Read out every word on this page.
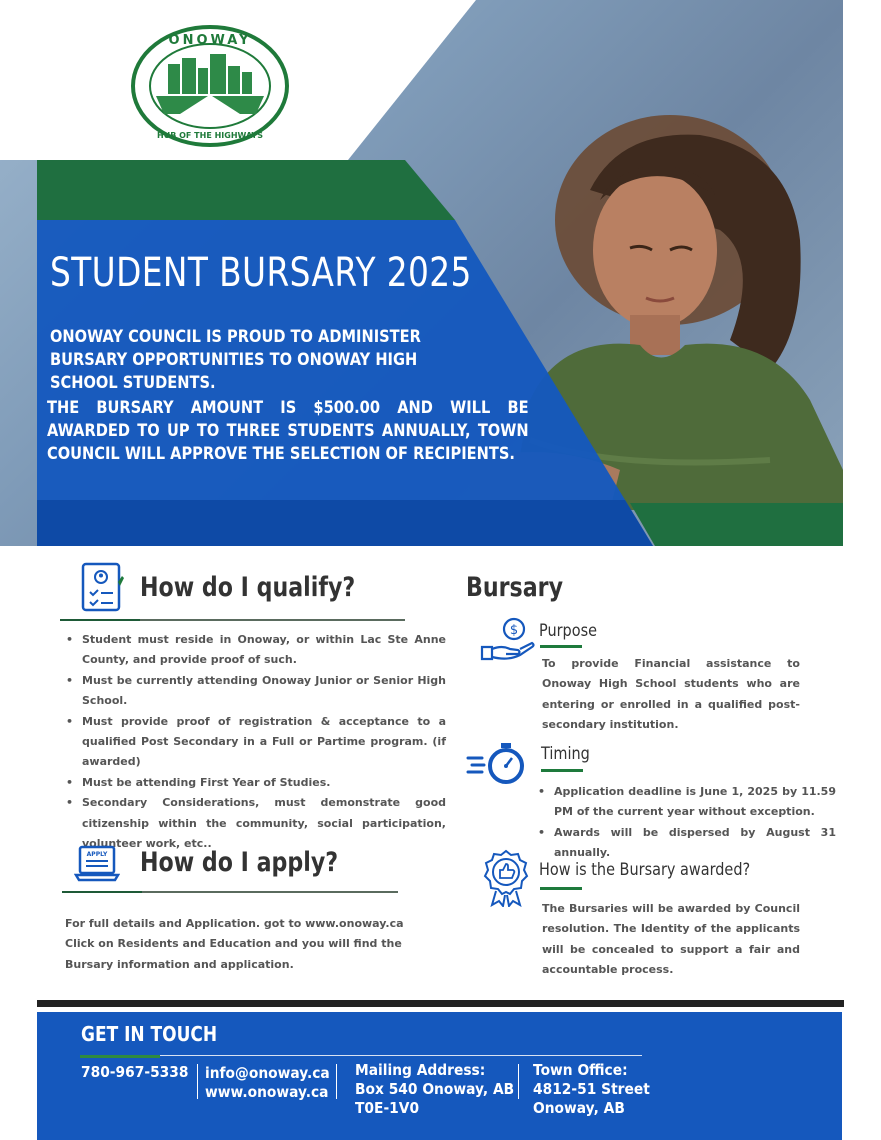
ONOWAY
HUB OF THE HIGHWAYS
STUDENT BURSARY 2025
ONOWAY COUNCIL IS PROUD TO ADMINISTER BURSARY OPPORTUNITIES TO ONOWAY HIGH SCHOOL STUDENTS.
THE BURSARY AMOUNT IS $500.00 AND WILL BE AWARDED TO UP TO THREE STUDENTS ANNUALLY, TOWN COUNCIL WILL APPROVE THE SELECTION OF RECIPIENTS.
How do I qualify?
• Student must reside in Onoway, or within Lac Ste Anne County, and provide proof of such.
• Must be currently attending Onoway Junior or Senior High School.
• Must provide proof of registration & acceptance to a qualified Post Secondary in a Full or Partime program. (if awarded)
• Must be attending First Year of Studies.
• Secondary Considerations, must demonstrate good citizenship within the community, social participation, volunteer work, etc..
APPLY How do I apply?
For full details and Application. got to www.onoway.ca
Click on Residents and Education and you will find the
Bursary information and application.
Bursary
$ Purpose
To provide Financial assistance to Onoway High School students who are entering or enrolled in a qualified post-secondary institution.
Timing
• Application deadline is June 1, 2025 by 11.59 PM of the current year without exception.
• Awards will be dispersed by August 31 annually.
How is the Bursary awarded?
The Bursaries will be awarded by Council resolution. The Identity of the applicants will be concealed to support a fair and accountable process.
GET IN TOUCH
780-967-5338 info@onoway.ca
www.onoway.ca
Mailing Address:
Box 540 Onoway, AB
T0E-1V0
Town Office:
4812-51 Street
Onoway, AB
